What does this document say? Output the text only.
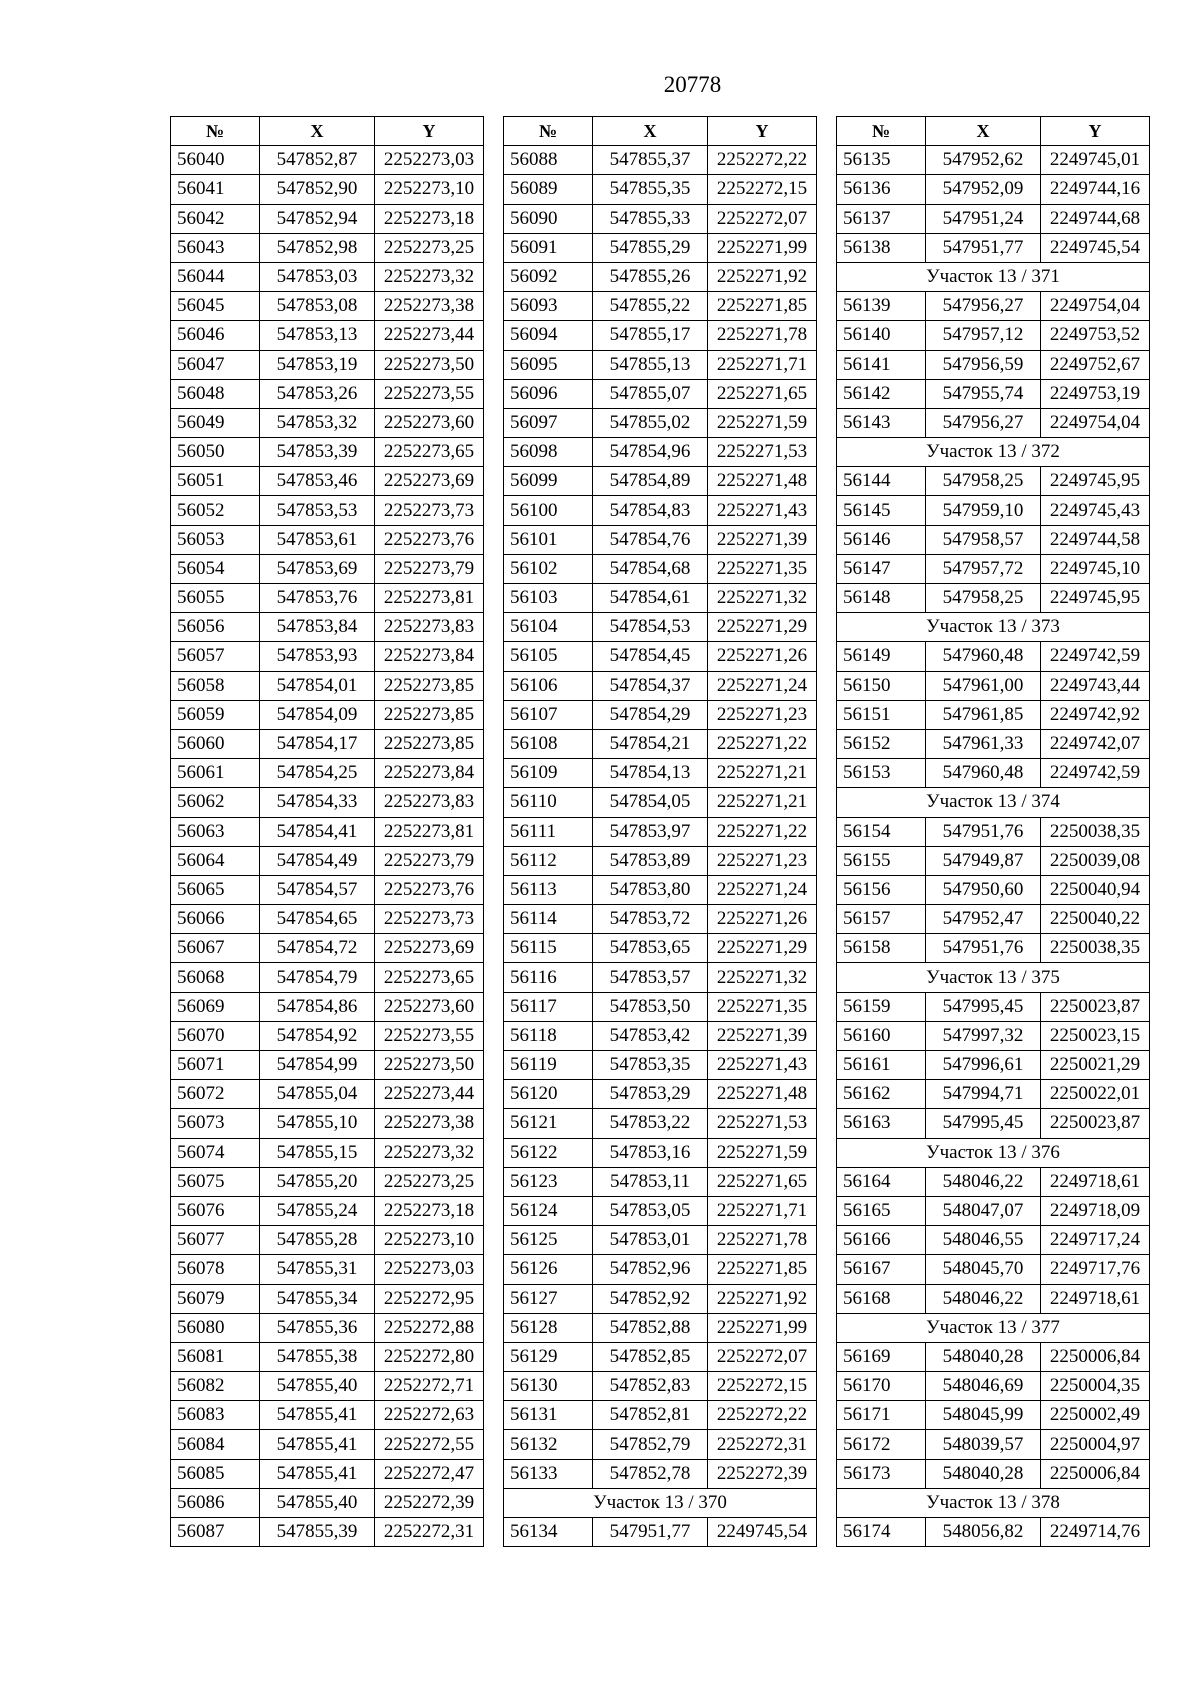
20778
№	X	Y
56040	547852,87	2252273,03
56041	547852,90	2252273,10
56042	547852,94	2252273,18
56043	547852,98	2252273,25
56044	547853,03	2252273,32
56045	547853,08	2252273,38
56046	547853,13	2252273,44
56047	547853,19	2252273,50
56048	547853,26	2252273,55
56049	547853,32	2252273,60
56050	547853,39	2252273,65
56051	547853,46	2252273,69
56052	547853,53	2252273,73
56053	547853,61	2252273,76
56054	547853,69	2252273,79
56055	547853,76	2252273,81
56056	547853,84	2252273,83
56057	547853,93	2252273,84
56058	547854,01	2252273,85
56059	547854,09	2252273,85
56060	547854,17	2252273,85
56061	547854,25	2252273,84
56062	547854,33	2252273,83
56063	547854,41	2252273,81
56064	547854,49	2252273,79
56065	547854,57	2252273,76
56066	547854,65	2252273,73
56067	547854,72	2252273,69
56068	547854,79	2252273,65
56069	547854,86	2252273,60
56070	547854,92	2252273,55
56071	547854,99	2252273,50
56072	547855,04	2252273,44
56073	547855,10	2252273,38
56074	547855,15	2252273,32
56075	547855,20	2252273,25
56076	547855,24	2252273,18
56077	547855,28	2252273,10
56078	547855,31	2252273,03
56079	547855,34	2252272,95
56080	547855,36	2252272,88
56081	547855,38	2252272,80
56082	547855,40	2252272,71
56083	547855,41	2252272,63
56084	547855,41	2252272,55
56085	547855,41	2252272,47
56086	547855,40	2252272,39
56087	547855,39	2252272,31
№	X	Y
56088	547855,37	2252272,22
56089	547855,35	2252272,15
56090	547855,33	2252272,07
56091	547855,29	2252271,99
56092	547855,26	2252271,92
56093	547855,22	2252271,85
56094	547855,17	2252271,78
56095	547855,13	2252271,71
56096	547855,07	2252271,65
56097	547855,02	2252271,59
56098	547854,96	2252271,53
56099	547854,89	2252271,48
56100	547854,83	2252271,43
56101	547854,76	2252271,39
56102	547854,68	2252271,35
56103	547854,61	2252271,32
56104	547854,53	2252271,29
56105	547854,45	2252271,26
56106	547854,37	2252271,24
56107	547854,29	2252271,23
56108	547854,21	2252271,22
56109	547854,13	2252271,21
56110	547854,05	2252271,21
56111	547853,97	2252271,22
56112	547853,89	2252271,23
56113	547853,80	2252271,24
56114	547853,72	2252271,26
56115	547853,65	2252271,29
56116	547853,57	2252271,32
56117	547853,50	2252271,35
56118	547853,42	2252271,39
56119	547853,35	2252271,43
56120	547853,29	2252271,48
56121	547853,22	2252271,53
56122	547853,16	2252271,59
56123	547853,11	2252271,65
56124	547853,05	2252271,71
56125	547853,01	2252271,78
56126	547852,96	2252271,85
56127	547852,92	2252271,92
56128	547852,88	2252271,99
56129	547852,85	2252272,07
56130	547852,83	2252272,15
56131	547852,81	2252272,22
56132	547852,79	2252272,31
56133	547852,78	2252272,39
Участок 13 / 370		
56134	547951,77	2249745,54
№	X	Y
56135	547952,62	2249745,01
56136	547952,09	2249744,16
56137	547951,24	2249744,68
56138	547951,77	2249745,54
Участок 13 / 371		
56139	547956,27	2249754,04
56140	547957,12	2249753,52
56141	547956,59	2249752,67
56142	547955,74	2249753,19
56143	547956,27	2249754,04
Участок 13 / 372		
56144	547958,25	2249745,95
56145	547959,10	2249745,43
56146	547958,57	2249744,58
56147	547957,72	2249745,10
56148	547958,25	2249745,95
Участок 13 / 373		
56149	547960,48	2249742,59
56150	547961,00	2249743,44
56151	547961,85	2249742,92
56152	547961,33	2249742,07
56153	547960,48	2249742,59
Участок 13 / 374		
56154	547951,76	2250038,35
56155	547949,87	2250039,08
56156	547950,60	2250040,94
56157	547952,47	2250040,22
56158	547951,76	2250038,35
Участок 13 / 375		
56159	547995,45	2250023,87
56160	547997,32	2250023,15
56161	547996,61	2250021,29
56162	547994,71	2250022,01
56163	547995,45	2250023,87
Участок 13 / 376		
56164	548046,22	2249718,61
56165	548047,07	2249718,09
56166	548046,55	2249717,24
56167	548045,70	2249717,76
56168	548046,22	2249718,61
Участок 13 / 377		
56169	548040,28	2250006,84
56170	548046,69	2250004,35
56171	548045,99	2250002,49
56172	548039,57	2250004,97
56173	548040,28	2250006,84
Участок 13 / 378		
56174	548056,82	2249714,76
